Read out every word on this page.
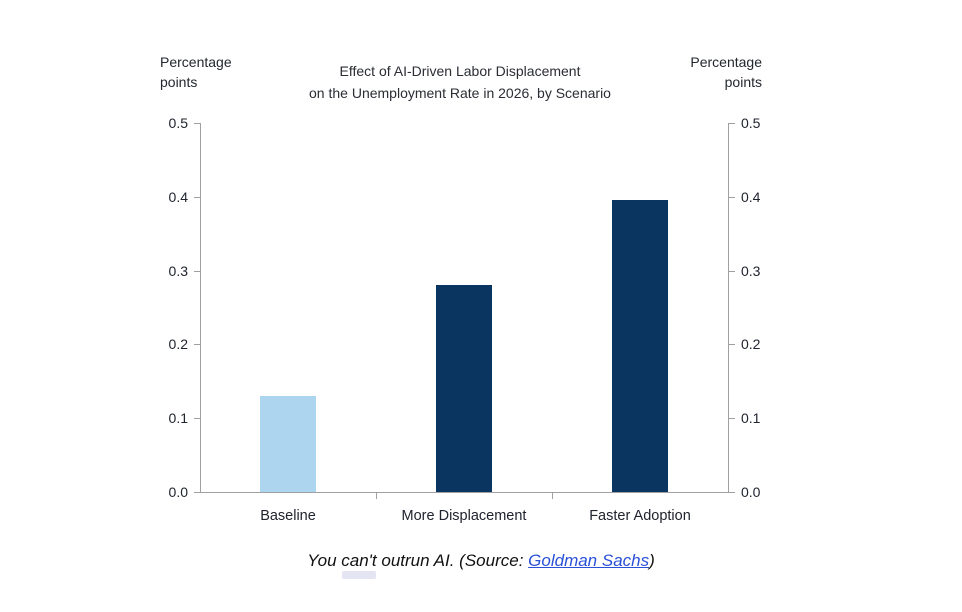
Percentage points
Percentage points
Effect of AI-Driven Labor Displacement
on the Unemployment Rate in 2026, by Scenario
0.0	0.0
0.1	0.1
0.2	0.2
0.3	0.3
0.4	0.4
0.5	0.5
Baseline	More Displacement	Faster Adoption
You can't outrun AI. (Source: Goldman Sachs)
